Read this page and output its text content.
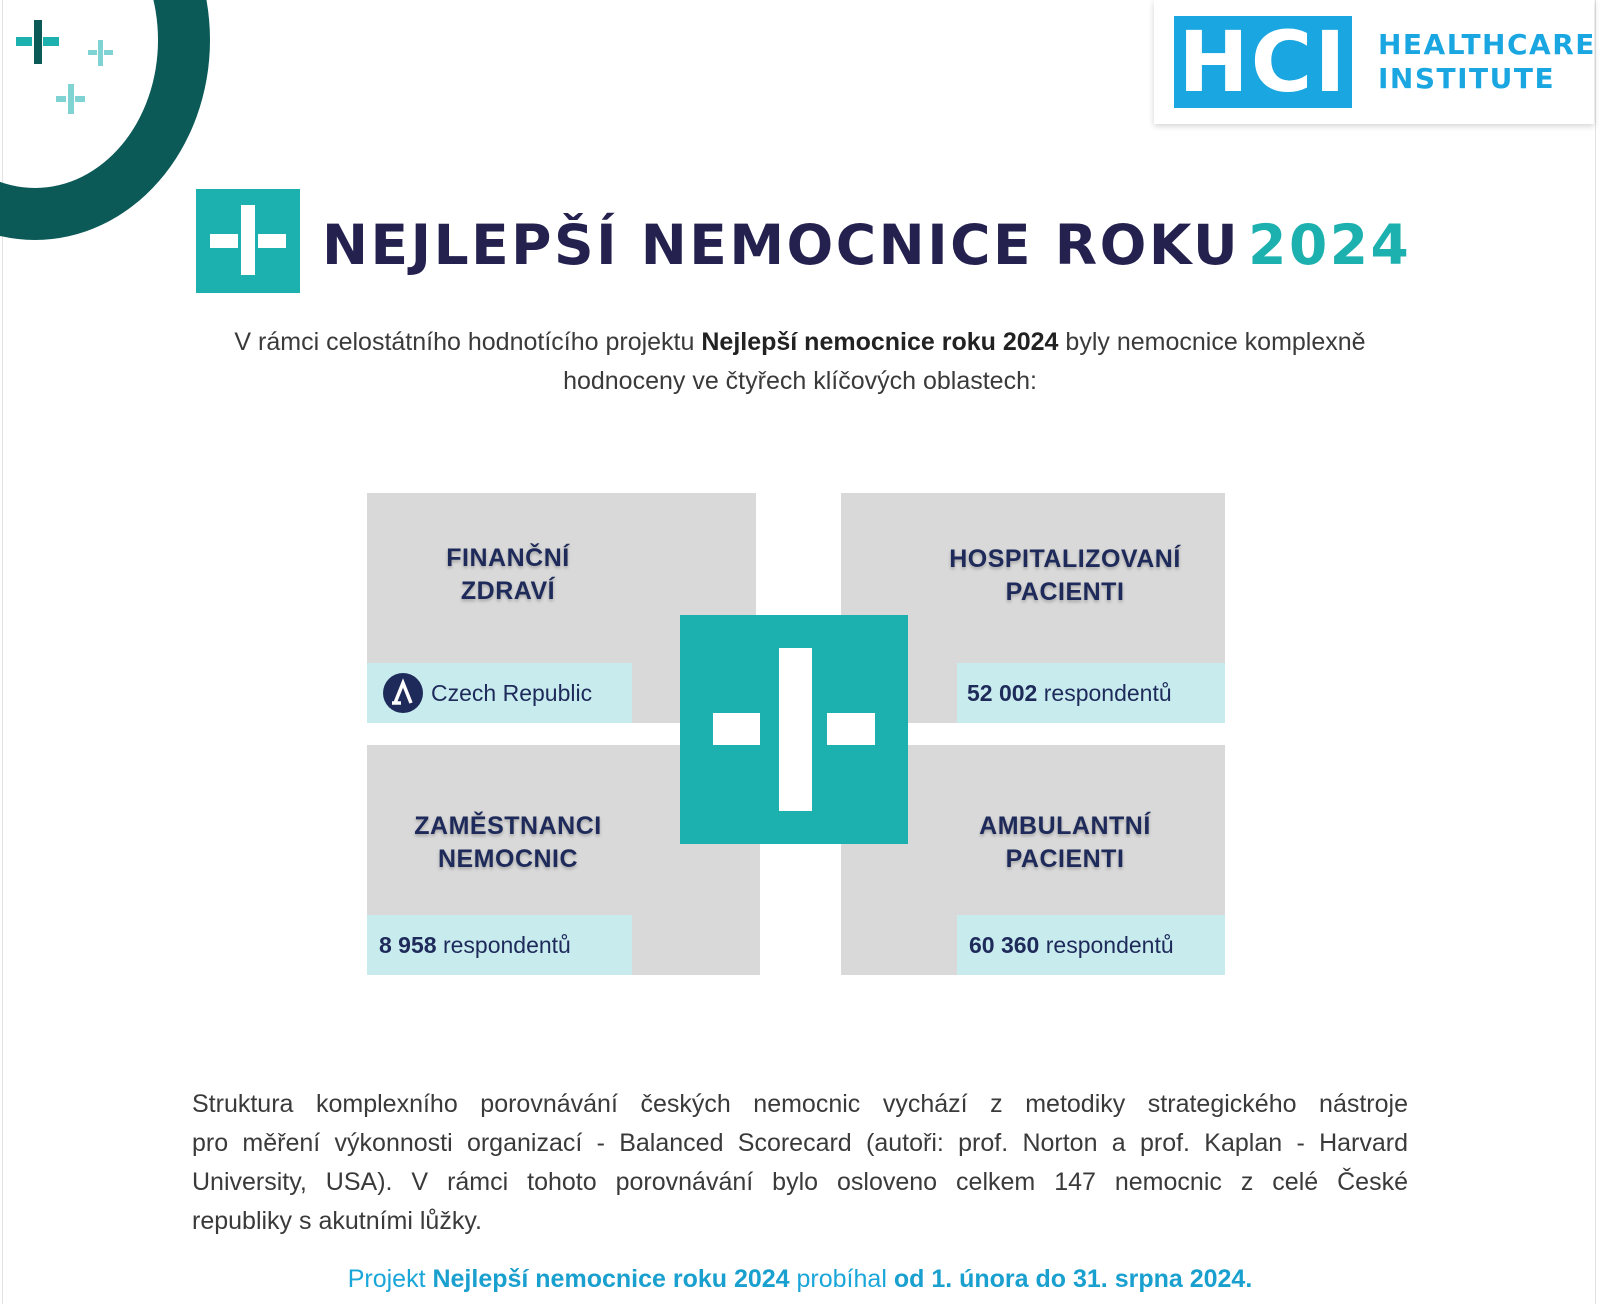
HCI HEALTHCARE
INSTITUTE
NEJLEPŠÍ NEMOCNICE ROKU 2024
V rámci celostátního hodnotícího projektu Nejlepší nemocnice roku 2024 byly nemocnice komplexně
hodnoceny ve čtyřech klíčových oblastech:
FINANČNÍ
ZDRAVÍ
HOSPITALIZOVANÍ
PACIENTI
ZAMĚSTNANCI
NEMOCNIC
AMBULANTNÍ
PACIENTI
Czech Republic	52 002 respondentů
8 958 respondentů	60 360 respondentů
Struktura komplexního porovnávání českých nemocnic vychází z metodiky strategického nástroje
pro měření výkonnosti organizací - Balanced Scorecard (autoři: prof. Norton a prof. Kaplan - Harvard
University, USA). V rámci tohoto porovnávání bylo osloveno celkem 147 nemocnic z celé České
republiky s akutními lůžky.
Projekt Nejlepší nemocnice roku 2024 probíhal od 1. února do 31. srpna 2024.
